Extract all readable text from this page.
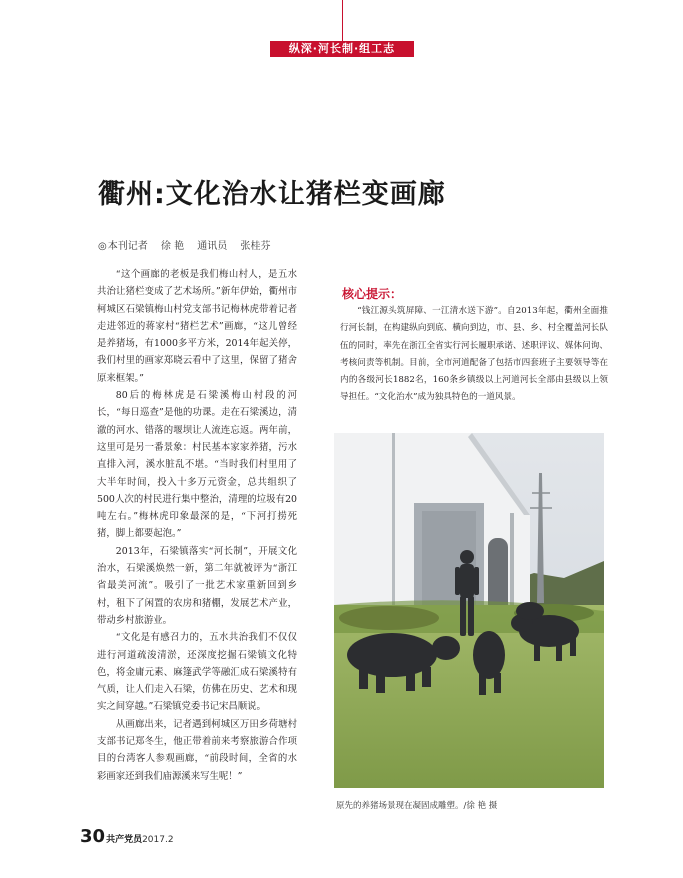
纵深·河长制·组工志
衢州:文化治水让猪栏变画廊
◎本刊记者 徐 艳 通讯员 张桂芬

“这个画廊的老板是我们梅山村人，是五水共治让猪栏变成了艺术场所。”新年伊始，衢州市柯城区石梁镇梅山村党支部书记梅林虎带着记者走进邻近的蒋家村“猪栏艺术”画廊，“这儿曾经是养猪场，有1000多平方米，2014年起关停，我们村里的画家郑晓云看中了这里，保留了猪舍原来框架。”

80后的梅林虎是石梁溪梅山村段的河长，“每日巡查”是他的功课。走在石梁溪边，清澈的河水、错落的堰坝让人流连忘返。两年前，这里可是另一番景象：村民基本家家养猪，污水直排入河，溪水脏乱不堪。“当时我们村里用了大半年时间，投入十多万元资金，总共组织了500人次的村民进行集中整治，清理的垃圾有20吨左右。”梅林虎印象最深的是，“下河打捞死猪，脚上都要起泡。”

2013年，石梁镇落实“河长制”，开展文化治水，石梁溪焕然一新，第二年就被评为“浙江省最美河流”。吸引了一批艺术家重新回到乡村，租下了闲置的农房和猪棚，发展艺术产业，带动乡村旅游业。

“文化是有感召力的，五水共治我们不仅仅进行河道疏浚清淤，还深度挖掘石梁镇文化特色，将金庸元素、麻篷武学等融汇成石梁溪特有气质，让人们走入石梁，仿佛在历史、艺术和现实之间穿越。”石梁镇党委书记宋昌顺说。

从画廊出来，记者遇到柯城区万田乡荷塘村支部书记郑冬生，他正带着前来考察旅游合作项目的台湾客人参观画廊，“前段时间，全省的水彩画家还到我们庙源溪来写生呢！”

核心提示：

“钱江源头筑屏障、一江清水送下游”。自2013年起，衢州全面推行河长制，在构建纵向到底、横向到边，市、县、乡、村全覆盖河长队伍的同时，率先在浙江全省实行河长履职承诺、述职评议、媒体问询、考核问责等机制。目前，全市河道配备了包括市四套班子主要领导等在内的各级河长1882名，160条乡镇级以上河道河长全部由县级以上领导担任。“文化治水”成为独具特色的一道风景。

原先的养猪场景现在凝固成雕塑。/徐 艳 摄
30共产党员2017.2
